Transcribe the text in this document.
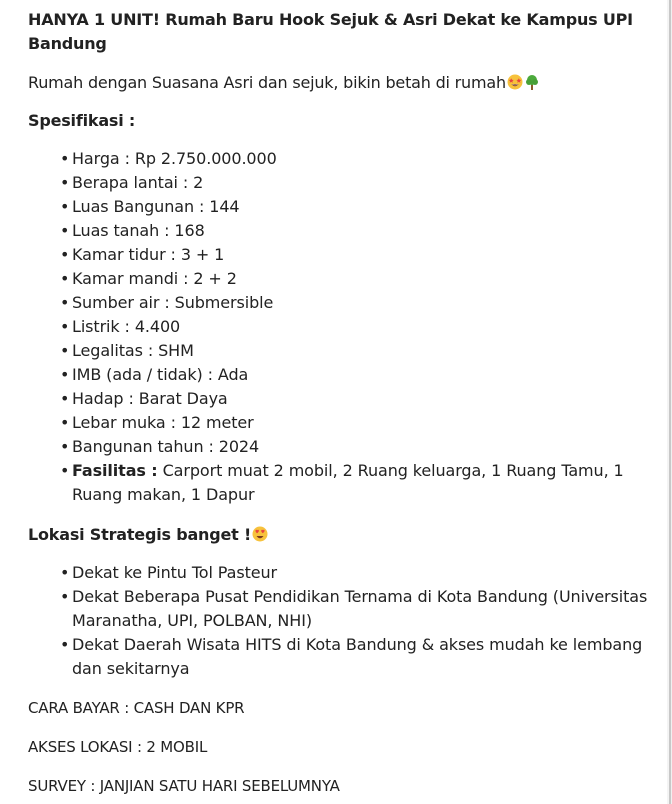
HANYA 1 UNIT! Rumah Baru Hook Sejuk & Asri Dekat ke Kampus UPI Bandung

Rumah dengan Suasana Asri dan sejuk, bikin betah di rumah

Spesifikasi :

• Harga : Rp 2.750.000.000
• Berapa lantai : 2
• Luas Bangunan : 144
• Luas tanah : 168
• Kamar tidur : 3 + 1
• Kamar mandi : 2 + 2
• Sumber air : Submersible
• Listrik : 4.400
• Legalitas : SHM
• IMB (ada / tidak) : Ada
• Hadap : Barat Daya
• Lebar muka : 12 meter
• Bangunan tahun : 2024
• Fasilitas : Carport muat 2 mobil, 2 Ruang keluarga, 1 Ruang Tamu, 1 Ruang makan, 1 Dapur

Lokasi Strategis banget !

• Dekat ke Pintu Tol Pasteur
• Dekat Beberapa Pusat Pendidikan Ternama di Kota Bandung (Universitas Maranatha, UPI, POLBAN, NHI)
• Dekat Daerah Wisata HITS di Kota Bandung & akses mudah ke lembang dan sekitarnya

CARA BAYAR : CASH DAN KPR

AKSES LOKASI : 2 MOBIL

SURVEY : JANJIAN SATU HARI SEBELUMNYA
